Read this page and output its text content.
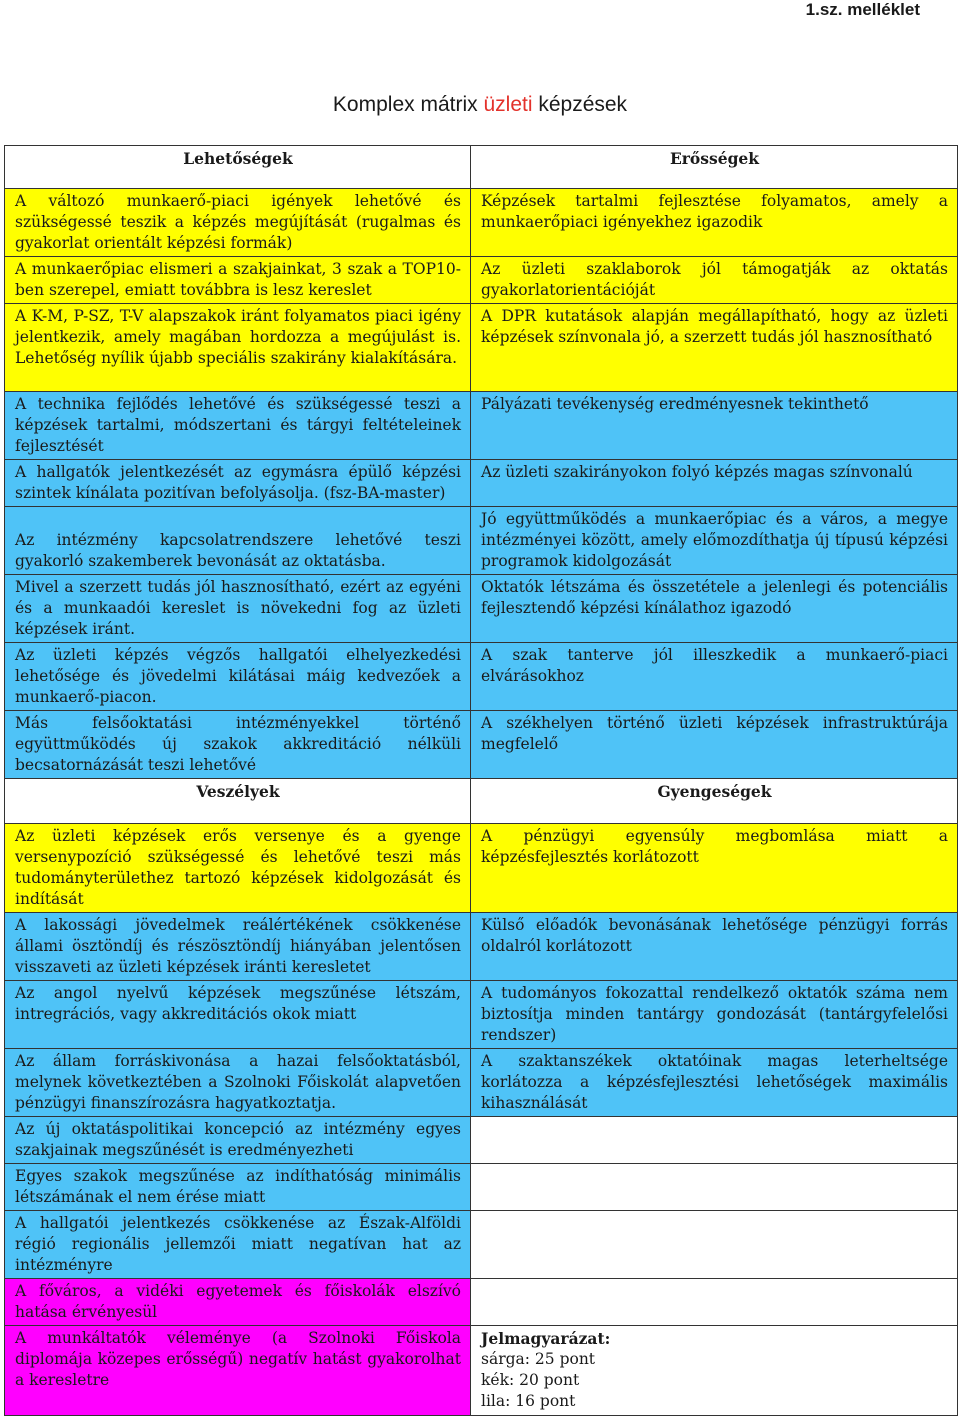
1.sz. melléklet
Komplex mátrix üzleti képzések
Lehetőségek	Erősségek
A változó munkaerő-piaci igények lehetővé és szükségessé teszik a képzés megújítását (rugalmas és gyakorlat orientált képzési formák)	Képzések tartalmi fejlesztése folyamatos, amely a munkaerőpiaci igényekhez igazodik
A munkaerőpiac elismeri a szakjainkat, 3 szak a TOP10-ben szerepel, emiatt továbbra is lesz kereslet	Az üzleti szaklaborok jól támogatják az oktatás gyakorlatorientációját
A K-M, P-SZ, T-V alapszakok iránt folyamatos piaci igény jelentkezik, amely magában hordozza a megújulást is. Lehetőség nyílik újabb speciális szakirány kialakítására.	A DPR kutatások alapján megállapítható, hogy az üzleti képzések színvonala jó, a szerzett tudás jól hasznosítható
A technika fejlődés lehetővé és szükségessé teszi a képzések tartalmi, módszertani és tárgyi feltételeinek fejlesztését	Pályázati tevékenység eredményesnek tekinthető
A hallgatók jelentkezését az egymásra épülő képzési szintek kínálata pozitívan befolyásolja. (fsz-BA-master)	Az üzleti szakirányokon folyó képzés magas színvonalú
Az intézmény kapcsolatrendszere lehetővé teszi gyakorló szakemberek bevonását az oktatásba.	Jó együttműködés a munkaerőpiac és a város, a megye intézményei között, amely előmozdíthatja új típusú képzési programok kidolgozását
Mivel a szerzett tudás jól hasznosítható, ezért az egyéni és a munkaadói kereslet is növekedni fog az üzleti képzések iránt.	Oktatók létszáma és összetétele a jelenlegi és potenciális fejlesztendő képzési kínálathoz igazodó
Az üzleti képzés végzős hallgatói elhelyezkedési lehetősége és jövedelmi kilátásai máig kedvezőek a munkaerő-piacon.	A szak tanterve jól illeszkedik a munkaerő-piaci elvárásokhoz
Más felsőoktatási intézményekkel történő együttműködés új szakok akkreditáció nélküli becsatornázását teszi lehetővé	A székhelyen történő üzleti képzések infrastruktúrája megfelelő
Veszélyek	Gyengeségek
Az üzleti képzések erős versenye és a gyenge versenypozíció szükségessé és lehetővé teszi más tudományterülethez tartozó képzések kidolgozását és indítását	A pénzügyi egyensúly megbomlása miatt a képzésfejlesztés korlátozott
A lakossági jövedelmek reálértékének csökkenése állami ösztöndíj és részösztöndíj hiányában jelentősen visszaveti az üzleti képzések iránti keresletet	Külső előadók bevonásának lehetősége pénzügyi forrás oldalról korlátozott
Az angol nyelvű képzések megszűnése létszám, intregrációs, vagy akkreditációs okok miatt	A tudományos fokozattal rendelkező oktatók száma nem biztosítja minden tantárgy gondozását (tantárgyfelelősi rendszer)
Az állam forráskivonása a hazai felsőoktatásból, melynek következtében a Szolnoki Főiskolát alapvetően pénzügyi finanszírozásra hagyatkoztatja.	A szaktanszékek oktatóinak magas leterheltsége korlátozza a képzésfejlesztési lehetőségek maximális kihasználását
Az új oktatáspolitikai koncepció az intézmény egyes szakjainak megszűnését is eredményezheti	
Egyes szakok megszűnése az indíthatóság minimális létszámának el nem érése miatt	
A hallgatói jelentkezés csökkenése az Észak-Alföldi régió regionális jellemzői miatt negatívan hat az intézményre	
A főváros, a vidéki egyetemek és főiskolák elszívó hatása érvényesül	
A munkáltatók véleménye (a Szolnoki Főiskola diplomája közepes erősségű) negatív hatást gyakorolhat a keresletre	Jelmagyarázat:
sárga: 25 pont
kék: 20 pont
lila: 16 pont
